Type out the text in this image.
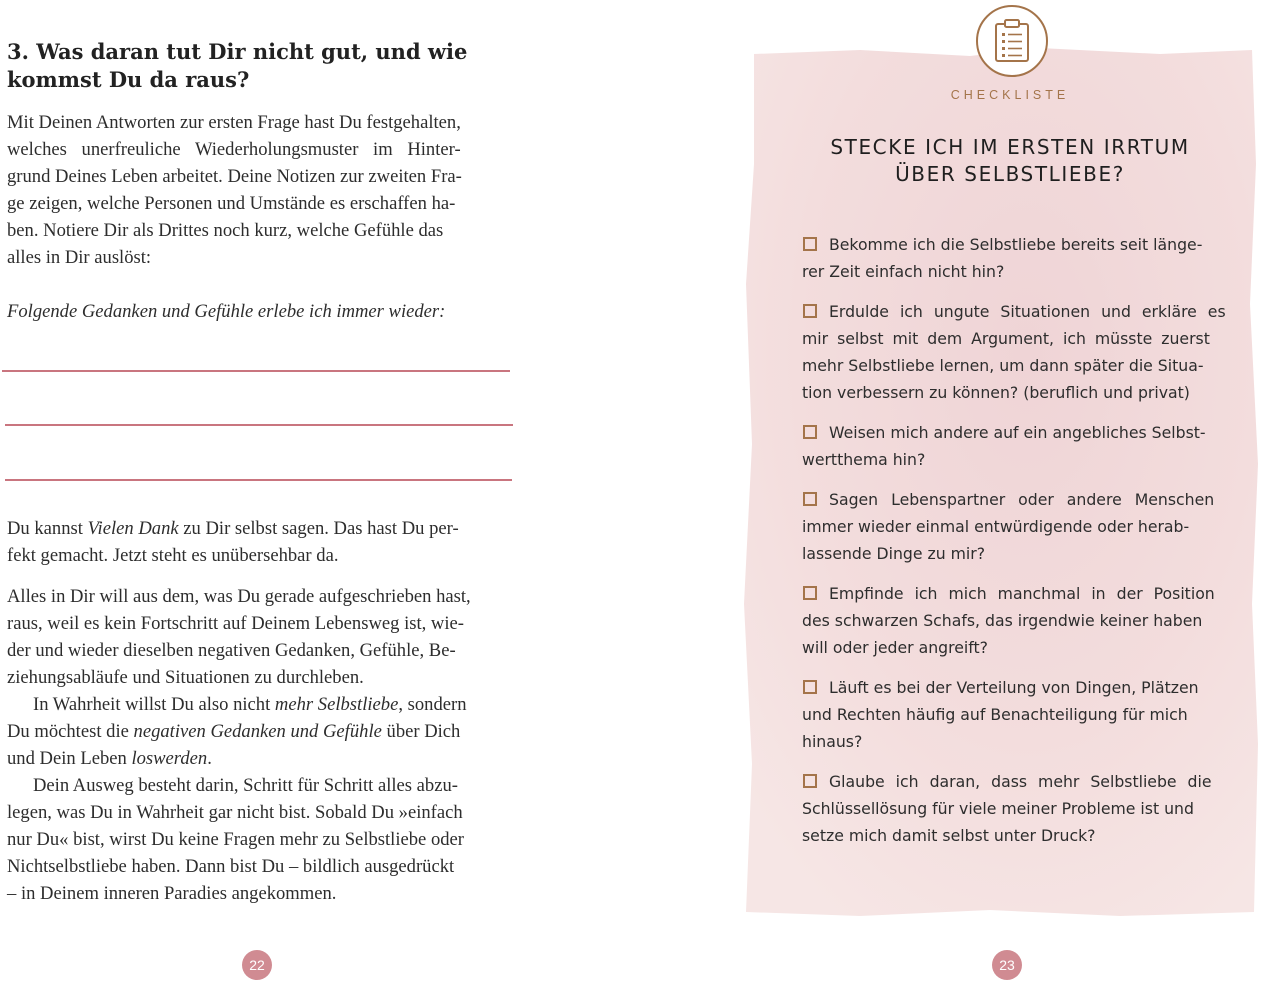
3. Was daran tut Dir nicht gut, und wie
kommst Du da raus?

Mit Deinen Antworten zur ersten Frage hast Du festgehalten,
welches unerfreuliche Wiederholungsmuster im Hinter-
grund Deines Leben arbeitet. Deine Notizen zur zweiten Fra-
ge zeigen, welche Personen und Umstände es erschaffen ha-
ben. Notiere Dir als Drittes noch kurz, welche Gefühle das
alles in Dir auslöst:

Folgende Gedanken und Gefühle erlebe ich immer wieder:

Du kannst Vielen Dank zu Dir selbst sagen. Das hast Du per-
fekt gemacht. Jetzt steht es unübersehbar da.

Alles in Dir will aus dem, was Du gerade aufgeschrieben hast,
raus, weil es kein Fortschritt auf Deinem Lebensweg ist, wie-
der und wieder dieselben negativen Gedanken, Gefühle, Be-
ziehungsabläufe und Situationen zu durchleben.
In Wahrheit willst Du also nicht mehr Selbstliebe, sondern
Du möchtest die negativen Gedanken und Gefühle über Dich
und Dein Leben loswerden.
Dein Ausweg besteht darin, Schritt für Schritt alles abzu-
legen, was Du in Wahrheit gar nicht bist. Sobald Du »einfach
nur Du« bist, wirst Du keine Fragen mehr zu Selbstliebe oder
Nichtselbstliebe haben. Dann bist Du – bildlich ausgedrückt
– in Deinem inneren Paradies angekommen.

22
CHECKLISTE
STECKE ICH IM ERSTEN IRRTUM
ÜBER SELBSTLIEBE?
Bekomme ich die Selbstliebe bereits seit länge-
rer Zeit einfach nicht hin?
Erdulde ich ungute Situationen und erkläre es
mir selbst mit dem Argument, ich müsste zuerst
mehr Selbstliebe lernen, um dann später die Situa-
tion verbessern zu können? (beruflich und privat)
Weisen mich andere auf ein angebliches Selbst-
wertthema hin?
Sagen Lebenspartner oder andere Menschen
immer wieder einmal entwürdigende oder herab-
lassende Dinge zu mir?
Empfinde ich mich manchmal in der Position
des schwarzen Schafs, das irgendwie keiner haben
will oder jeder angreift?
Läuft es bei der Verteilung von Dingen, Plätzen
und Rechten häufig auf Benachteiligung für mich
hinaus?
Glaube ich daran, dass mehr Selbstliebe die
Schlüssellösung für viele meiner Probleme ist und
setze mich damit selbst unter Druck?
23
